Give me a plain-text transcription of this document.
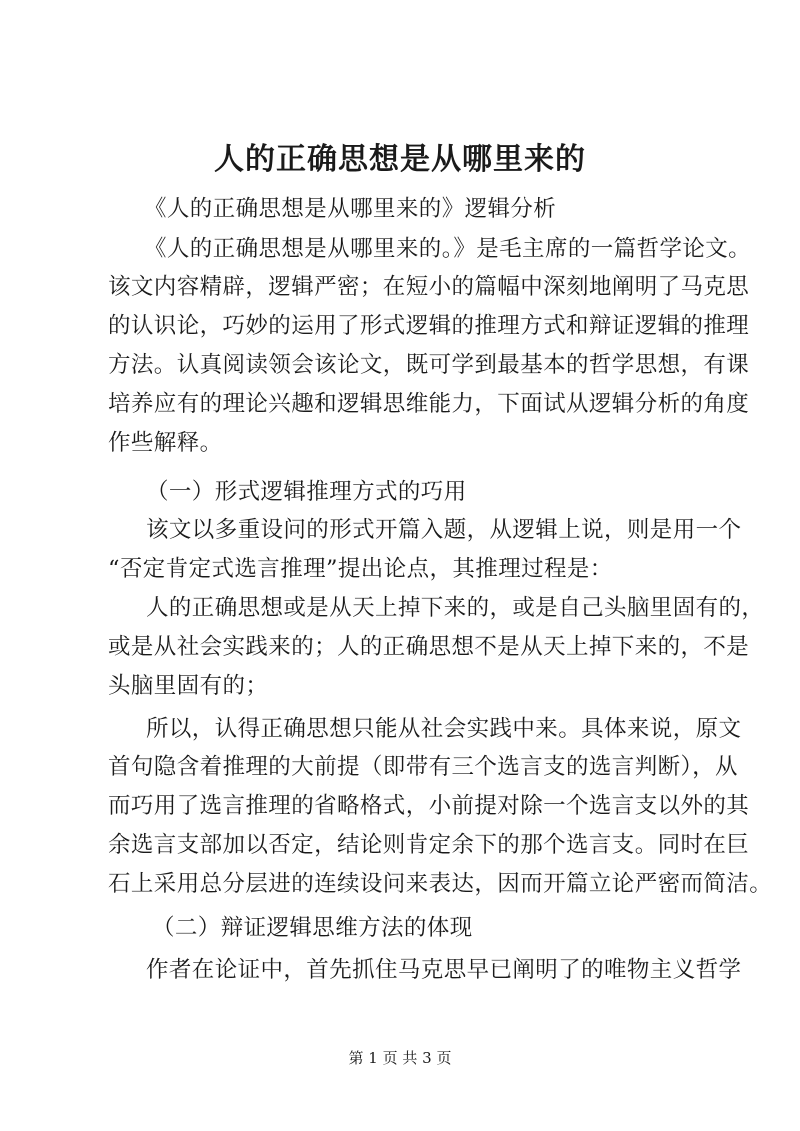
人的正确思想是从哪里来的
《人的正确思想是从哪里来的》逻辑分析
《人的正确思想是从哪里来的。》是毛主席的一篇哲学论文。
该文内容精辟，逻辑严密；在短小的篇幅中深刻地阐明了马克思
的认识论，巧妙的运用了形式逻辑的推理方式和辩证逻辑的推理
方法。认真阅读领会该论文，既可学到最基本的哲学思想，有课
培养应有的理论兴趣和逻辑思维能力，下面试从逻辑分析的角度
作些解释。
（一）形式逻辑推理方式的巧用
该文以多重设问的形式开篇入题，从逻辑上说，则是用一个
“否定肯定式选言推理”提出论点，其推理过程是：
人的正确思想或是从天上掉下来的，或是自己头脑里固有的，
或是从社会实践来的；人的正确思想不是从天上掉下来的，不是
头脑里固有的；
所以，认得正确思想只能从社会实践中来。具体来说，原文
首句隐含着推理的大前提（即带有三个选言支的选言判断），从
而巧用了选言推理的省略格式，小前提对除一个选言支以外的其
余选言支部加以否定，结论则肯定余下的那个选言支。同时在巨
石上采用总分层进的连续设问来表达，因而开篇立论严密而简洁。
（二）辩证逻辑思维方法的体现
作者在论证中，首先抓住马克思早已阐明了的唯物主义哲学
第 1 页 共 3 页
